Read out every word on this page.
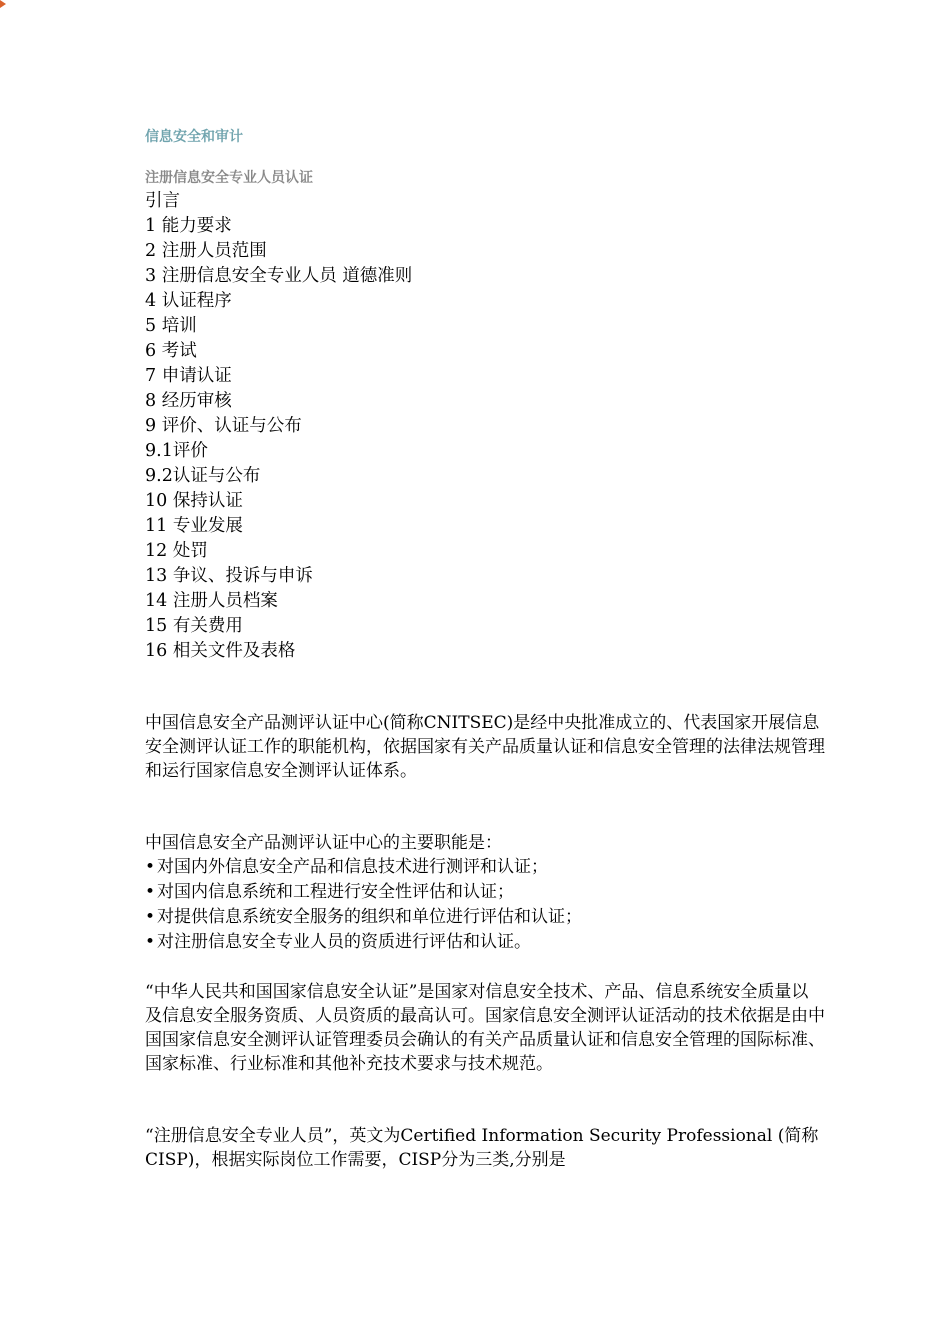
信息安全和审计
注册信息安全专业人员认证
引言
1 能力要求
2 注册人员范围
3 注册信息安全专业人员 道德准则
4 认证程序
5 培训
6 考试
7 申请认证
8 经历审核
9 评价、认证与公布
9.1评价
9.2认证与公布
10 保持认证
11 专业发展
12 处罚
13 争议、投诉与申诉
14 注册人员档案
15 有关费用
16 相关文件及表格

中国信息安全产品测评认证中心(简称CNITSEC)是经中央批准成立的、代表国家开展信息安全测评认证工作的职能机构，依据国家有关产品质量认证和信息安全管理的法律法规管理和运行国家信息安全测评认证体系。

中国信息安全产品测评认证中心的主要职能是：

• 对国内外信息安全产品和信息技术进行测评和认证；
• 对国内信息系统和工程进行安全性评估和认证；
• 对提供信息系统安全服务的组织和单位进行评估和认证；
• 对注册信息安全专业人员的资质进行评估和认证。

“中华人民共和国国家信息安全认证”是国家对信息安全技术、产品、信息系统安全质量以及信息安全服务资质、人员资质的最高认可。国家信息安全测评认证活动的技术依据是由中国国家信息安全测评认证管理委员会确认的有关产品质量认证和信息安全管理的国际标准、国家标准、行业标准和其他补充技术要求与技术规范。

“注册信息安全专业人员”，英文为Certified Information Security Professional (简称CISP)，根据实际岗位工作需要，CISP分为三类,分别是
